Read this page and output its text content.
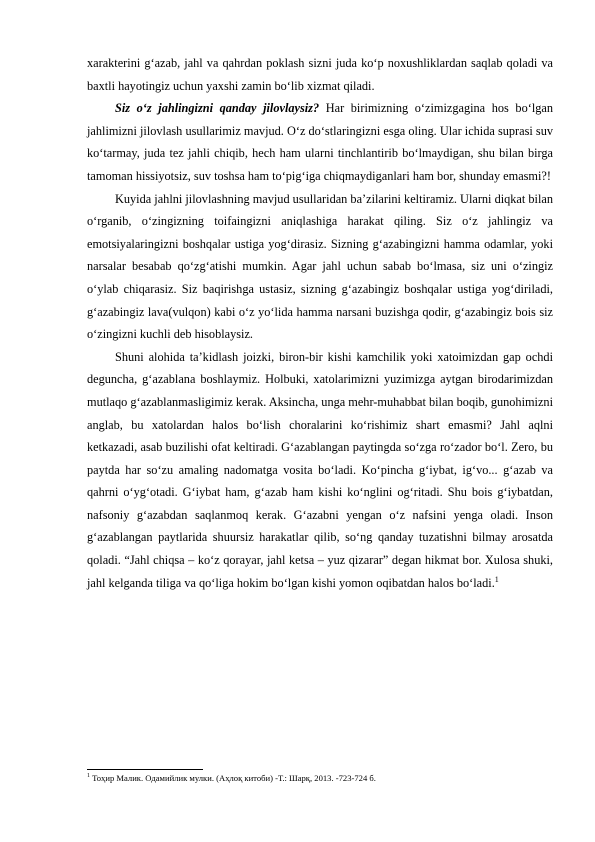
xarakterini g‘azab, jahl va qahrdan poklash sizni juda ko‘p noxushliklardan saqlab qoladi va baxtli hayotingiz uchun yaxshi zamin bo‘lib xizmat qiladi.

Siz o‘z jahlingizni qanday jilovlaysiz? Har birimizning o‘zimizgagina hos bo‘lgan jahlimizni jilovlash usullarimiz mavjud. O‘z do‘stlaringizni esga oling. Ular ichida suprasi suv ko‘tarmay, juda tez jahli chiqib, hech ham ularni tinchlantirib bo‘lmaydigan, shu bilan birga tamoman hissiyotsiz, suv toshsa ham to‘pig‘iga chiqmaydiganlari ham bor, shunday emasmi?!

Kuyida jahlni jilovlashning mavjud usullaridan ba’zilarini keltiramiz. Ularni diqkat bilan o‘rganib, o‘zingizning toifaingizni aniqlashiga harakat qiling. Siz o‘z jahlingiz va emotsiyalaringizni boshqalar ustiga yog‘dirasiz. Sizning g‘azabingizni hamma odamlar, yoki narsalar besabab qo‘zg‘atishi mumkin. Agar jahl uchun sabab bo‘lmasa, siz uni o‘zingiz o‘ylab chiqarasiz. Siz baqirishga ustasiz, sizning g‘azabingiz boshqalar ustiga yog‘diriladi, g‘azabingiz lava(vulqon) kabi o‘z yo‘lida hamma narsani buzishga qodir, g‘azabingiz bois siz o‘zingizni kuchli deb hisoblaysiz.

Shuni alohida ta’kidlash joizki, biron-bir kishi kamchilik yoki xatoimizdan gap ochdi deguncha, g‘azablana boshlaymiz. Holbuki, xatolarimizni yuzimizga aytgan birodarimizdan mutlaqo g‘azablanmasligimiz kerak. Aksincha, unga mehr-muhabbat bilan boqib, gunohimizni anglab, bu xatolardan halos bo‘lish choralarini ko‘rishimiz shart emasmi? Jahl aqlni ketkazadi, asab buzilishi ofat keltiradi. G‘azablangan paytingda so‘zga ro‘zador bo‘l. Zero, bu paytda har so‘zu amaling nadomatga vosita bo‘ladi. Ko‘pincha g‘iybat, ig‘vo... g‘azab va qahrni o‘yg‘otadi. G‘iybat ham, g‘azab ham kishi ko‘nglini og‘ritadi. Shu bois g‘iybatdan, nafsoniy g‘azabdan saqlanmoq kerak. G‘azabni yengan o‘z nafsini yenga oladi. Inson g‘azablangan paytlarida shuursiz harakatlar qilib, so‘ng qanday tuzatishni bilmay arosatda qoladi. “Jahl chiqsa – ko‘z qorayar, jahl ketsa – yuz qizarar” degan hikmat bor. Xulosa shuki, jahl kelganda tiliga va qo‘liga hokim bo‘lgan kishi yomon oqibatdan halos bo‘ladi.$^1$

$^1$ Тоҳир Малик. Одамийлик мулки. (Аҳлоқ китоби) -Т.: Шарқ, 2013. -723-724 б.
